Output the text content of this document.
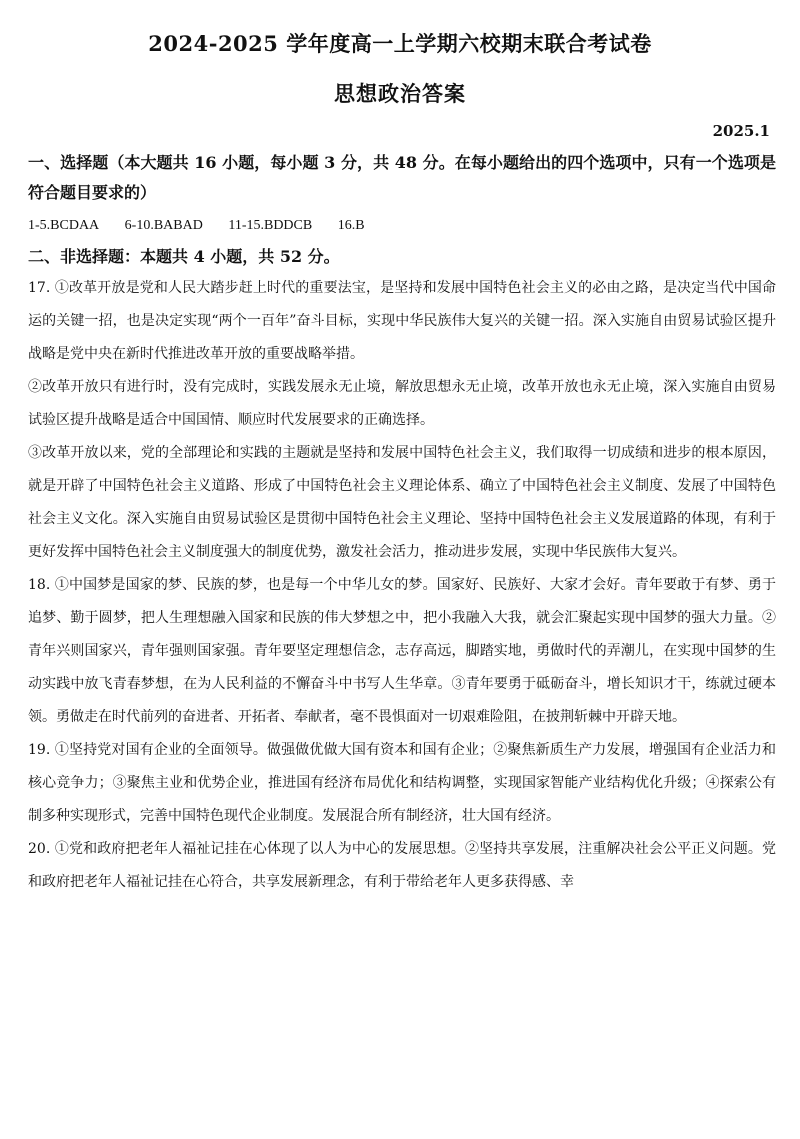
2024-2025 学年度高一上学期六校期末联合考试卷
思想政治答案
2025.1

一、选择题（本大题共 16 小题，每小题 3 分，共 48 分。在每小题给出的四个选项中，只有一个选项是符合题目要求的）

1-5.BCDAA 6-10.BABAD 11-15.BDDCB 16.B

二、非选择题：本题共 4 小题，共 52 分。

17. ①改革开放是党和人民大踏步赶上时代的重要法宝，是坚持和发展中国特色社会主义的必由之路，是决定当代中国命运的关键一招，也是决定实现“两个一百年”奋斗目标，实现中华民族伟大复兴的关键一招。深入实施自由贸易试验区提升战略是党中央在新时代推进改革开放的重要战略举措。

②改革开放只有进行时，没有完成时，实践发展永无止境，解放思想永无止境，改革开放也永无止境，深入实施自由贸易试验区提升战略是适合中国国情、顺应时代发展要求的正确选择。

③改革开放以来，党的全部理论和实践的主题就是坚持和发展中国特色社会主义，我们取得一切成绩和进步的根本原因，就是开辟了中国特色社会主义道路、形成了中国特色社会主义理论体系、确立了中国特色社会主义制度、发展了中国特色社会主义文化。深入实施自由贸易试验区是贯彻中国特色社会主义理论、坚持中国特色社会主义发展道路的体现，有利于更好发挥中国特色社会主义制度强大的制度优势，激发社会活力，推动进步发展，实现中华民族伟大复兴。

18. ①中国梦是国家的梦、民族的梦，也是每一个中华儿女的梦。国家好、民族好、大家才会好。青年要敢于有梦、勇于追梦、勤于圆梦，把人生理想融入国家和民族的伟大梦想之中，把小我融入大我，就会汇聚起实现中国梦的强大力量。②青年兴则国家兴，青年强则国家强。青年要坚定理想信念，志存高远，脚踏实地，勇做时代的弄潮儿，在实现中国梦的生动实践中放飞青春梦想，在为人民利益的不懈奋斗中书写人生华章。③青年要勇于砥砺奋斗，增长知识才干，练就过硬本领。勇做走在时代前列的奋进者、开拓者、奉献者，毫不畏惧面对一切艰难险阻，在披荆斩棘中开辟天地。

19. ①坚持党对国有企业的全面领导。做强做优做大国有资本和国有企业；②聚焦新质生产力发展，增强国有企业活力和核心竞争力；③聚焦主业和优势企业，推进国有经济布局优化和结构调整，实现国家智能产业结构优化升级；④探索公有制多种实现形式，完善中国特色现代企业制度。发展混合所有制经济，壮大国有经济。

20. ①党和政府把老年人福祉记挂在心体现了以人为中心的发展思想。②坚持共享发展，注重解决社会公平正义问题。党和政府把老年人福祉记挂在心符合，共享发展新理念，有利于带给老年人更多获得感、幸
